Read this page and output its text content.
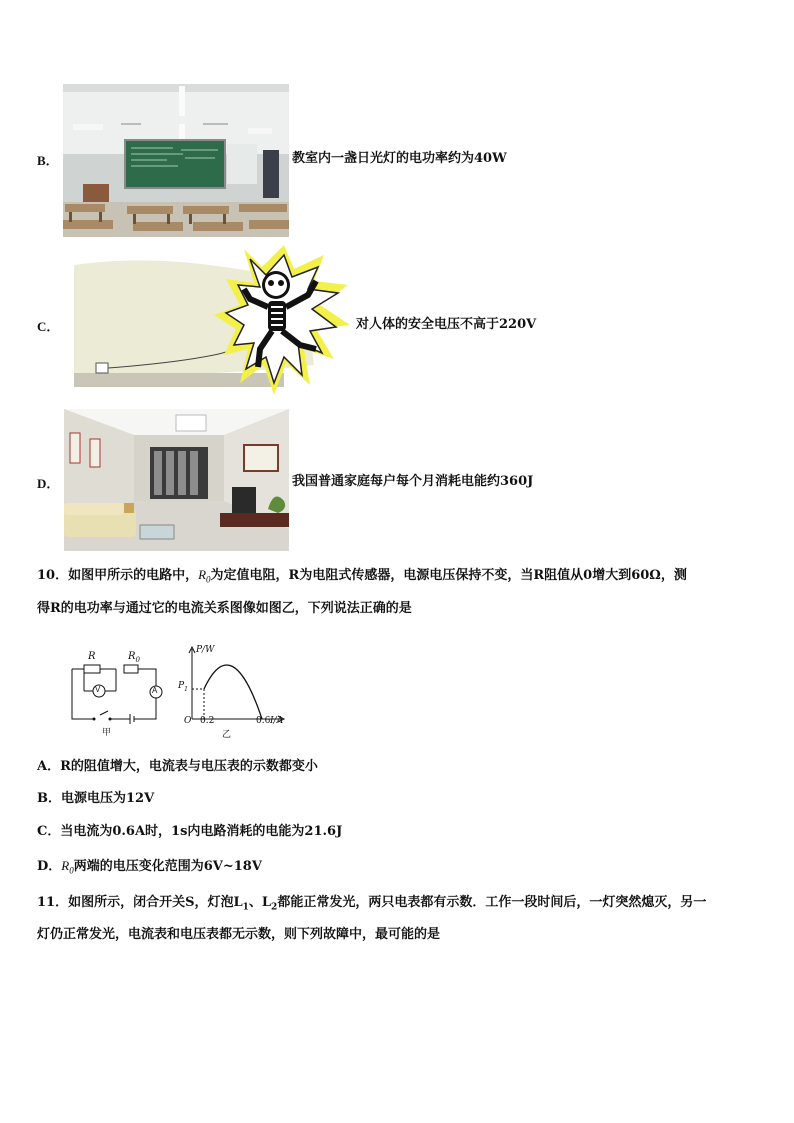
B．	教室内一盏日光灯的电功率约为40W
C．	对人体的安全电压不高于220V
D．	我国普通家庭每户每个月消耗电能约360J
10．如图甲所示的电路中，$R_0$为定值电阻，R为电阻式传感器，电源电压保持不变，当R阻值从0增大到60Ω，测
得R的电功率与通过它的电流关系图像如图乙，下列说法正确的是
R	$R_0$
V	A
甲
P/W
$P_1$
O 0.2	0.6 I/A
乙
A．R的阻值增大，电流表与电压表的示数都变小
B．电源电压为12V
C．当电流为0.6A时，1s内电路消耗的电能为21.6J
D．$R_0$两端的电压变化范围为6V~18V
11．如图所示，闭合开关S，灯泡$L_1$、$L_2$都能正常发光，两只电表都有示数．工作一段时间后，一灯突然熄灭，另一
灯仍正常发光，电流表和电压表都无示数，则下列故障中，最可能的是
